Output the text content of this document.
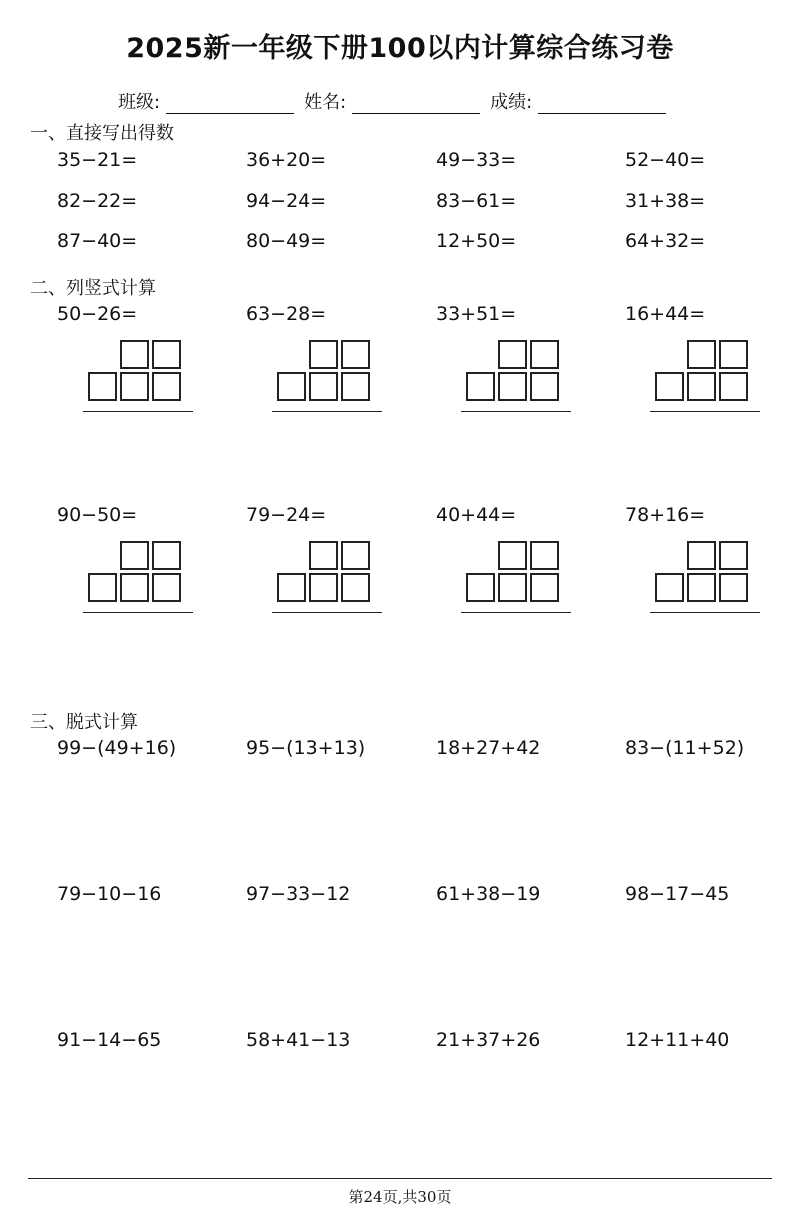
2025新一年级下册100以内计算综合练习卷
班级:	姓名:	成绩:
一、直接写出得数
35−21=	36+20=	49−33=	52−40=
82−22=	94−24=	83−61=	31+38=
87−40=	80−49=	12+50=	64+32=
二、列竖式计算
50−26=	63−28=	33+51=	16+44=
90−50=	79−24=	40+44=	78+16=
三、脱式计算
99−(49+16)	95−(13+13)	18+27+42	83−(11+52)
79−10−16	97−33−12	61+38−19	98−17−45
91−14−65	58+41−13	21+37+26	12+11+40
第24页,共30页
